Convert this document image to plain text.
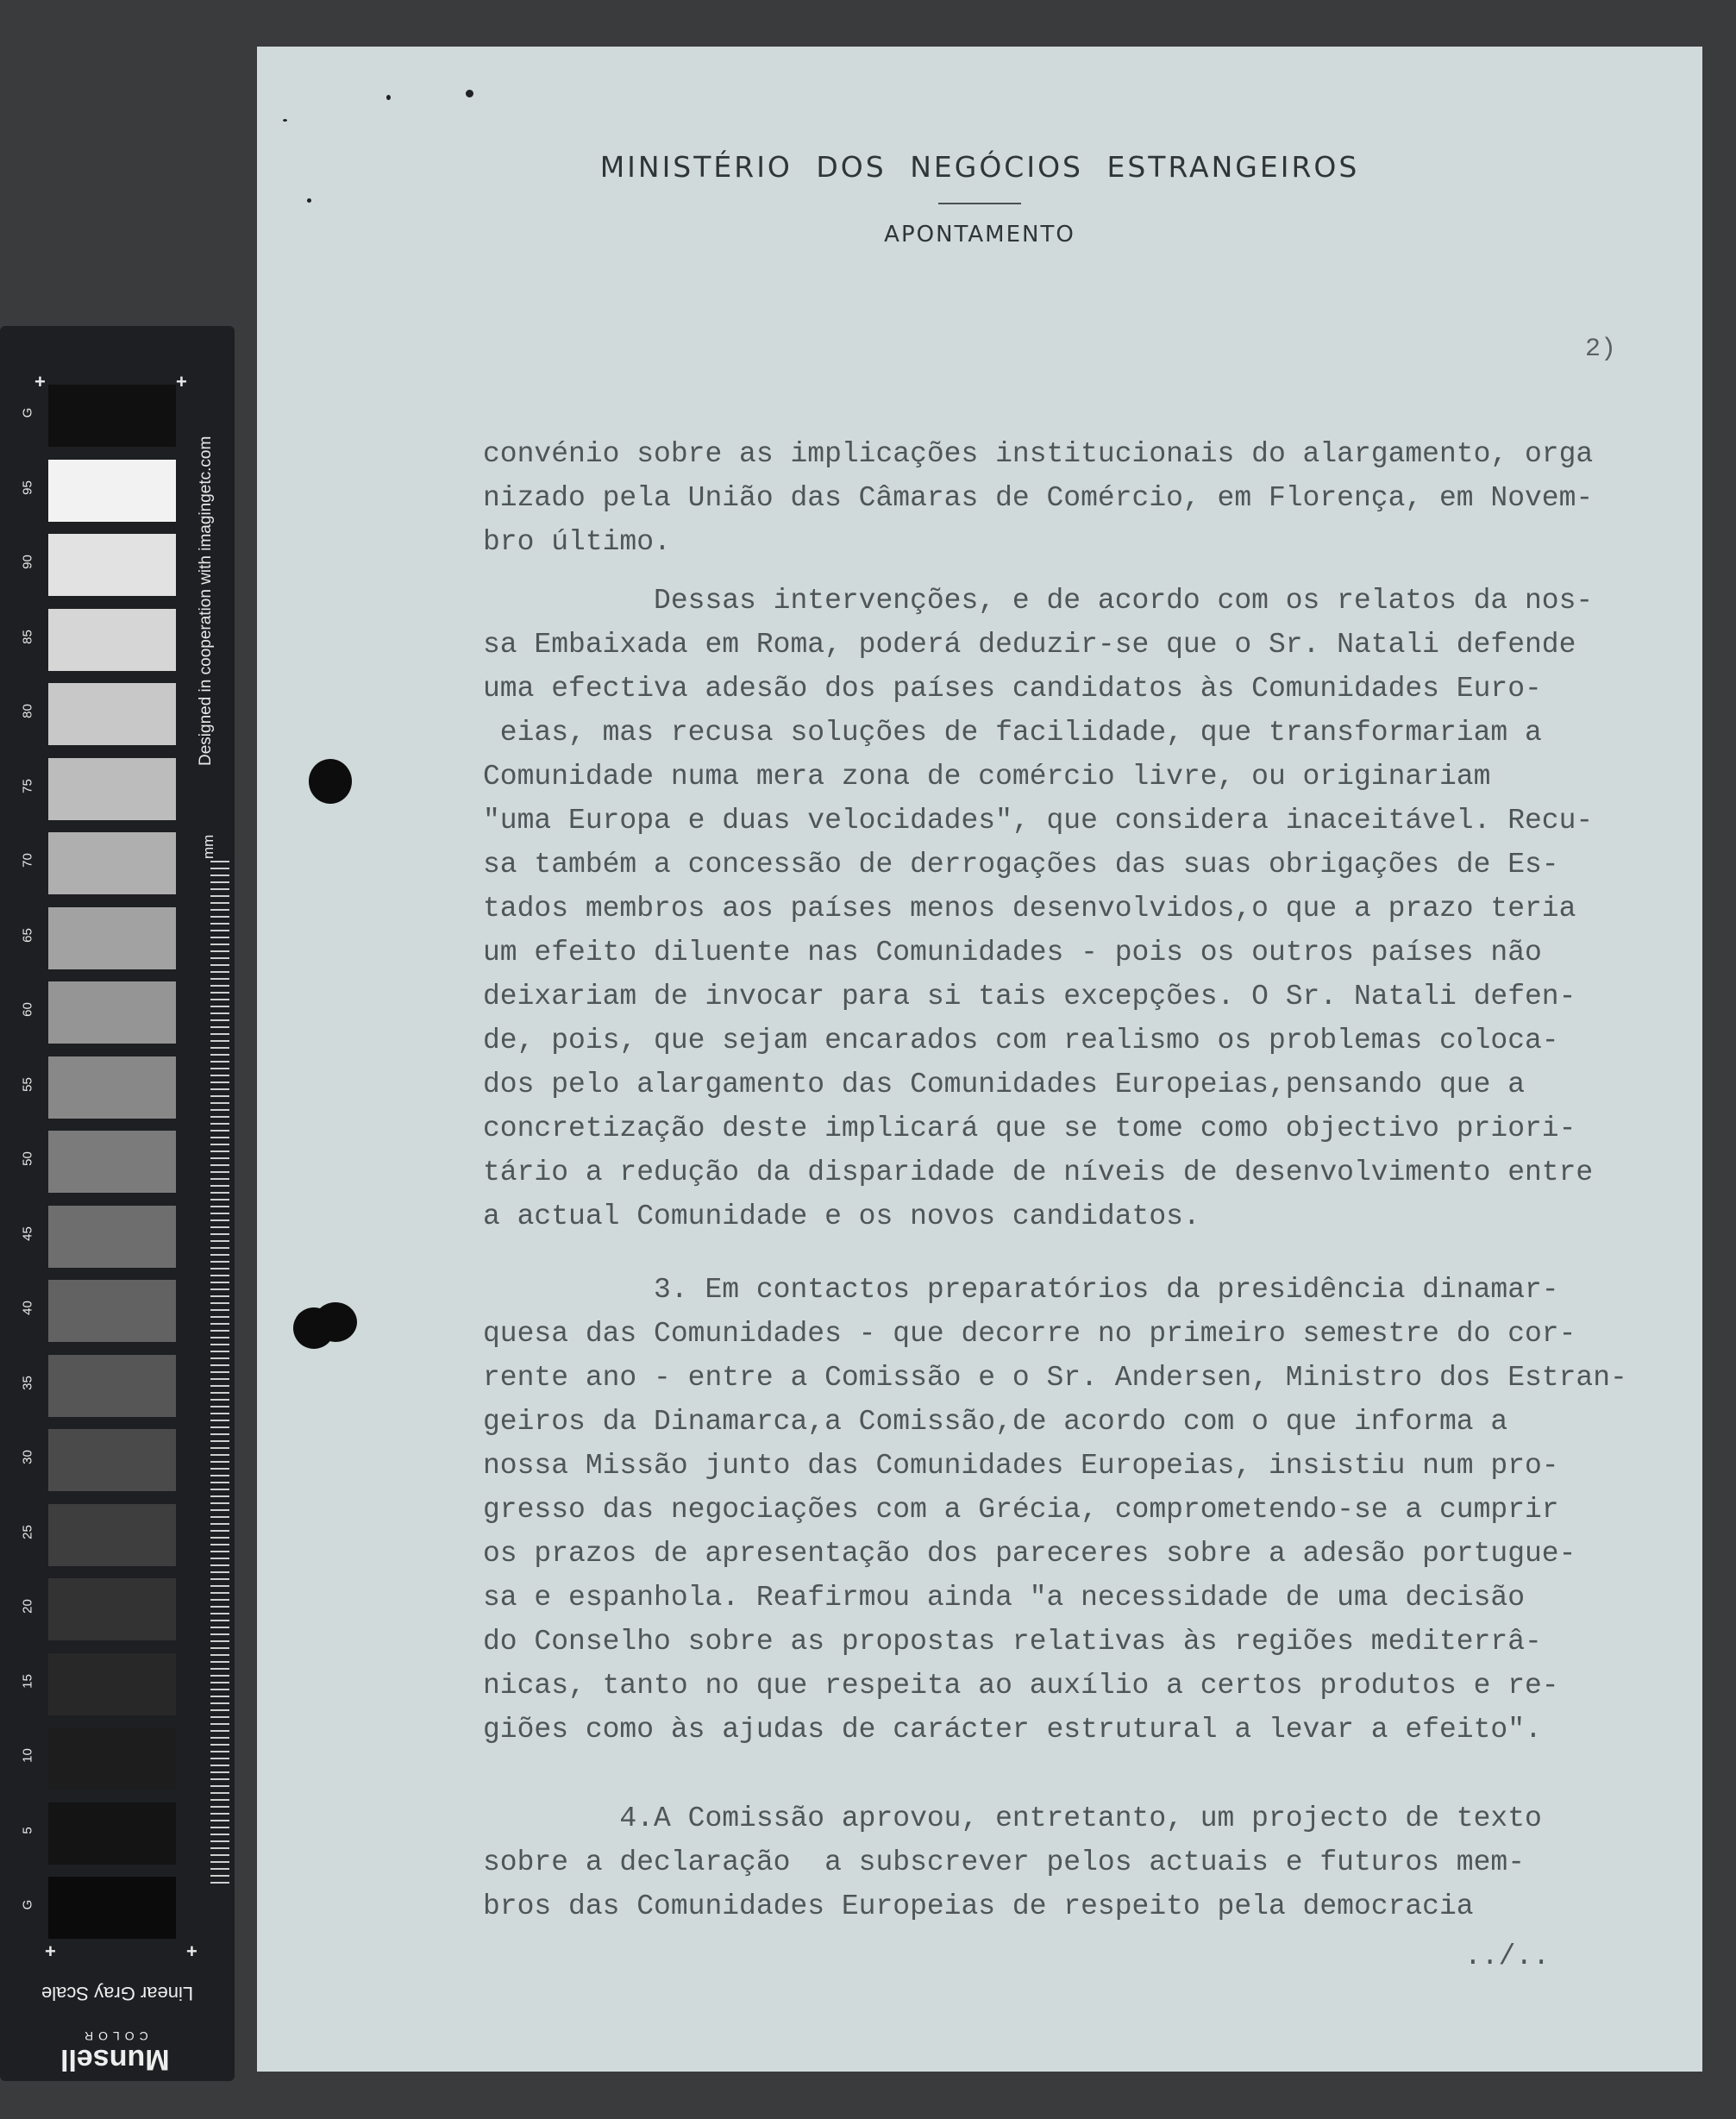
G
95
90
85
80
75
70
65
60
55
50
45
40
35
30
25
20
15
10
5
G
+	+
+	+
Designed in cooperation with imagingetc.com
mm
Linear Gray Scale
COLOR
Munsell
MINISTÉRIO DOS NEGÓCIOS ESTRANGEIROS
APONTAMENTO
2)
convénio sobre as implicações institucionais do alargamento, orga
nizado pela União das Câmaras de Comércio, em Florença, em Novem-
bro último.
Dessas intervenções, e de acordo com os relatos da nos-
sa Embaixada em Roma, poderá deduzir-se que o Sr. Natali defende
uma efectiva adesão dos países candidatos às Comunidades Euro-
eias, mas recusa soluções de facilidade, que transformariam a
Comunidade numa mera zona de comércio livre, ou originariam
"uma Europa e duas velocidades", que considera inaceitável. Recu-
sa também a concessão de derrogações das suas obrigações de Es-
tados membros aos países menos desenvolvidos,o que a prazo teria
um efeito diluente nas Comunidades - pois os outros países não
deixariam de invocar para si tais excepções. O Sr. Natali defen-
de, pois, que sejam encarados com realismo os problemas coloca-
dos pelo alargamento das Comunidades Europeias,pensando que a
concretização deste implicará que se tome como objectivo priori-
tário a redução da disparidade de níveis de desenvolvimento entre
a actual Comunidade e os novos candidatos.
3. Em contactos preparatórios da presidência dinamar-
quesa das Comunidades - que decorre no primeiro semestre do cor-
rente ano - entre a Comissão e o Sr. Andersen, Ministro dos Estran-
geiros da Dinamarca,a Comissão,de acordo com o que informa a
nossa Missão junto das Comunidades Europeias, insistiu num pro-
gresso das negociações com a Grécia, comprometendo-se a cumprir
os prazos de apresentação dos pareceres sobre a adesão portugue-
sa e espanhola. Reafirmou ainda "a necessidade de uma decisão
do Conselho sobre as propostas relativas às regiões mediterrâ-
nicas, tanto no que respeita ao auxílio a certos produtos e re-
giões como às ajudas de carácter estrutural a levar a efeito".
4.A Comissão aprovou, entretanto, um projecto de texto
sobre a declaração  a subscrever pelos actuais e futuros mem-
bros das Comunidades Europeias de respeito pela democracia
../..
